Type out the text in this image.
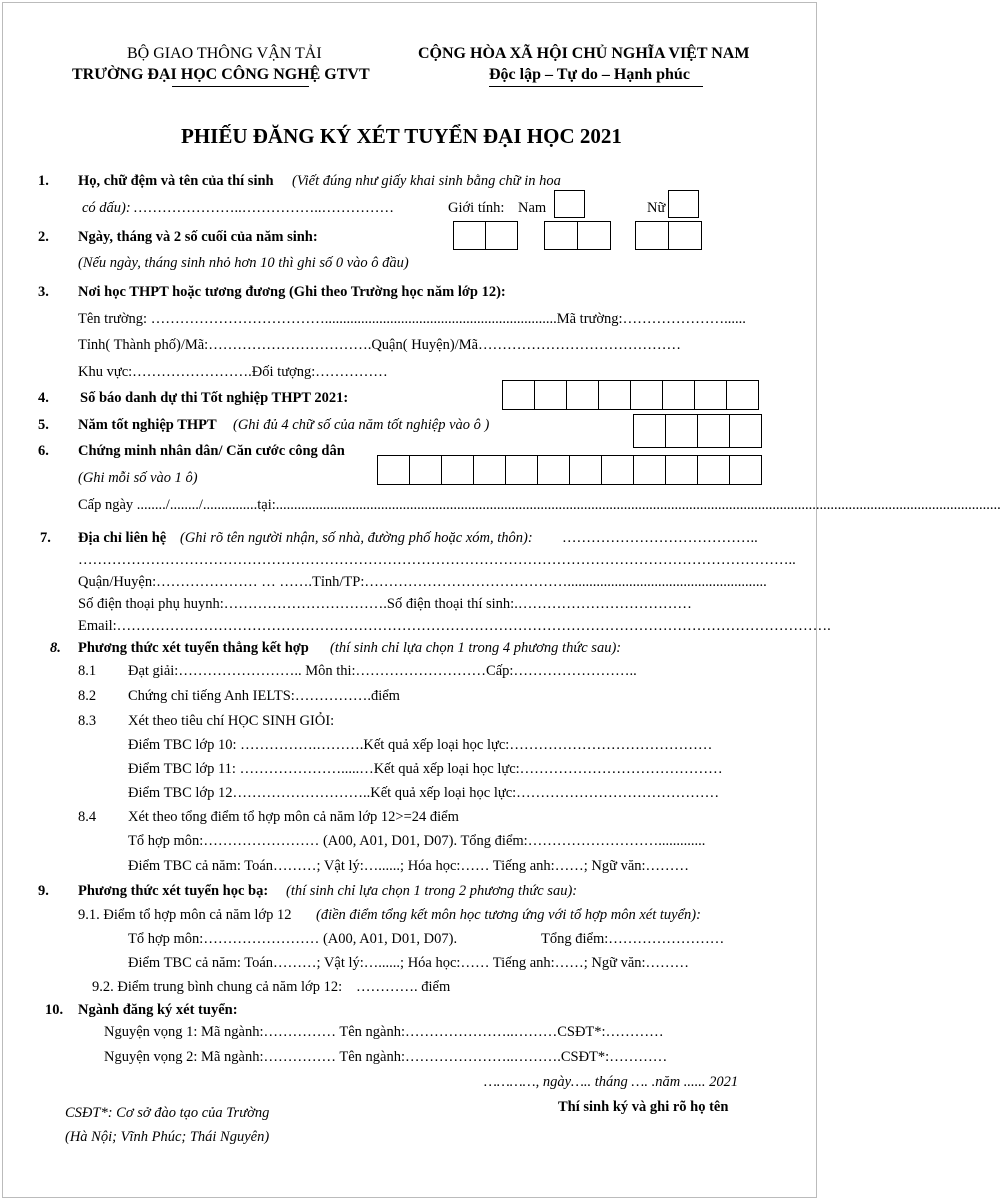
BỘ GIAO THÔNG VẬN TẢI
TRƯỜNG ĐẠI HỌC CÔNG NGHỆ GTVT
CỘNG HÒA XÃ HỘI CHỦ NGHĨA VIỆT NAM
Độc lập – Tự do – Hạnh phúc
PHIẾU ĐĂNG KÝ XÉT TUYỂN ĐẠI HỌC 2021
1. Họ, chữ đệm và tên của thí sinh (Viết đúng như giấy khai sinh bằng chữ in hoa
có dấu): …………………..……………..……………	Giới tính: Nam	Nữ
2. Ngày, tháng và 2 số cuối của năm sinh:
(Nếu ngày, tháng sinh nhỏ hơn 10 thì ghi số 0 vào ô đầu)
3. Nơi học THPT hoặc tương đương (Ghi theo Trường học năm lớp 12):
Tên trường: ………………………………................................................................Mã trường:…………………......
Tỉnh( Thành phố)/Mã:…………………………….Quận( Huyện)/Mã……………………………………
Khu vực:…………………….Đối tượng:……………
4. Số báo danh dự thi Tốt nghiệp THPT 2021:
5. Năm tốt nghiệp THPT (Ghi đủ 4 chữ số của năm tốt nghiệp vào ô )
6. Chứng minh nhân dân/ Căn cước công dân
(Ghi mỗi số vào 1 ô)
Cấp ngày ......../......../...............tại:........................................................................................................................................................................................................
7. Địa chỉ liên hệ (Ghi rõ tên người nhận, số nhà, đường phố hoặc xóm, thôn): …………………………………..
…………………………………………………………………………………………………………………………………..
Quận/Huyện:………………… … …….Tỉnh/TP:…………………………………….......................................................
Số điện thoại phụ huynh:…………………………….Số điện thoại thí sinh:.………………………………
Email:………………………………………………………………………………………………………………………………….
8. Phương thức xét tuyển thẳng kết hợp (thí sinh chỉ lựa chọn 1 trong 4 phương thức sau):
8.1 Đạt giải:…………………….. Môn thi:………………………Cấp:……………………..
8.2 Chứng chỉ tiếng Anh IELTS:…………….điểm
8.3 Xét theo tiêu chí HỌC SINH GIỎI:
Điểm TBC lớp 10: …………….……….Kết quả xếp loại học lực:……………………………………
Điểm TBC lớp 11: ………………….....…Kết quả xếp loại học lực:……………………………………
Điểm TBC lớp 12………………………..Kết quả xếp loại học lực:……………………………………
8.4 Xét theo tổng điểm tổ hợp môn cả năm lớp 12>=24 điểm
Tổ hợp môn:…………………… (A00, A01, D01, D07). Tổng điểm:……………………….............
Điểm TBC cả năm: Toán………; Vật lý:…......; Hóa học:…… Tiếng anh:……; Ngữ văn:………
9. Phương thức xét tuyển học bạ: (thí sinh chỉ lựa chọn 1 trong 2 phương thức sau):
9.1. Điểm tổ hợp môn cả năm lớp 12 (điền điểm tổng kết môn học tương ứng với tổ hợp môn xét tuyển):
Tổ hợp môn:…………………… (A00, A01, D01, D07).	Tổng điểm:……………………
Điểm TBC cả năm: Toán………; Vật lý:…......; Hóa học:…… Tiếng anh:……; Ngữ văn:………
9.2. Điểm trung bình chung cả năm lớp 12: …………. điểm
10. Ngành đăng ký xét tuyển:
Nguyện vọng 1: Mã ngành:…………… Tên ngành:…………………..………CSĐT*:…………
Nguyện vọng 2: Mã ngành:…………… Tên ngành:…………………..……….CSĐT*:…………
…………, ngày….. tháng …. .năm ...... 2021
Thí sinh ký và ghi rõ họ tên
CSĐT*: Cơ sở đào tạo của Trường
(Hà Nội; Vĩnh Phúc; Thái Nguyên)
